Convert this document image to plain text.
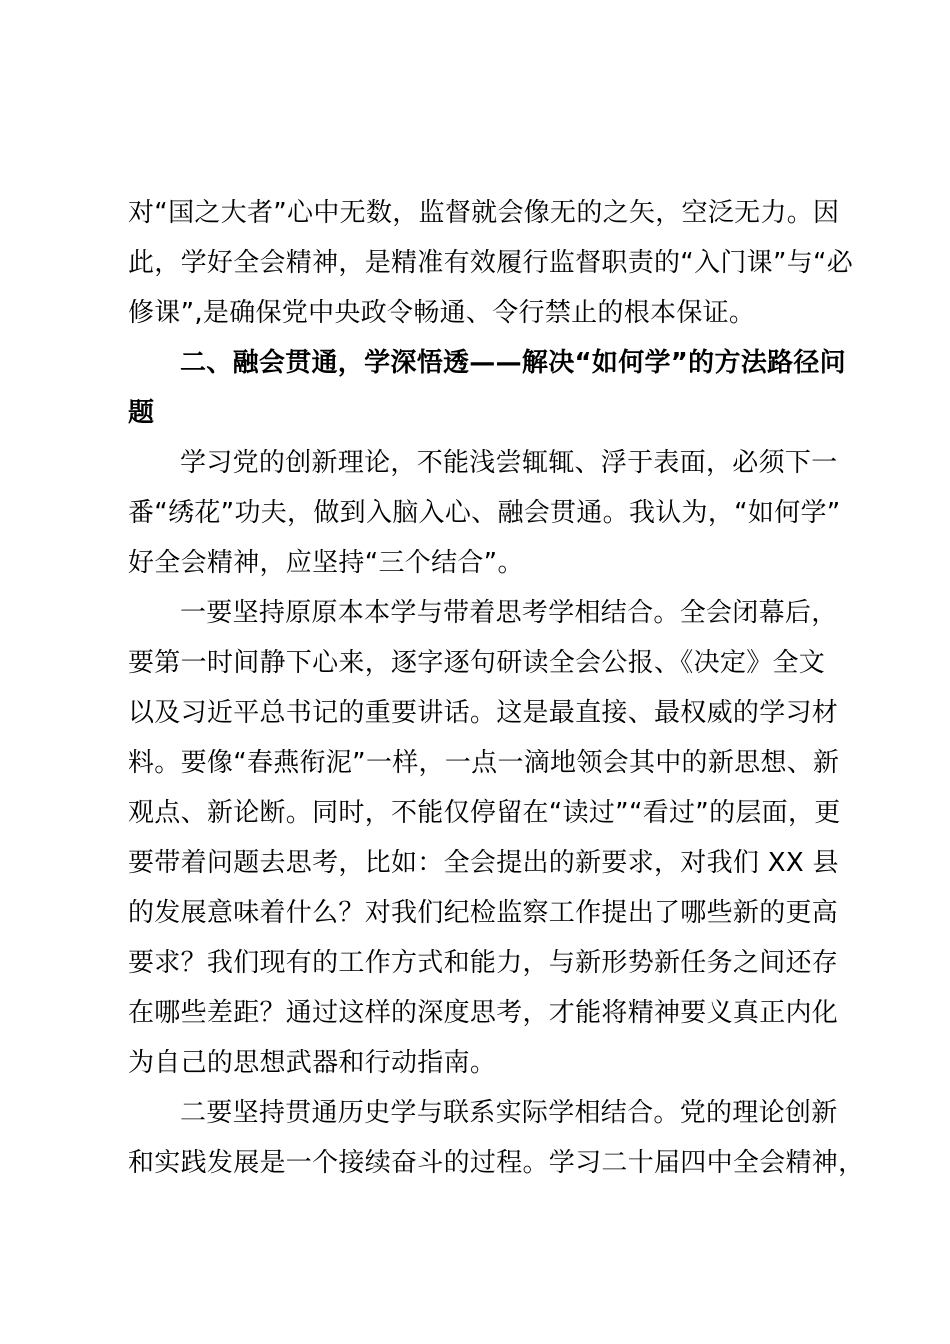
对“国之大者”心中无数，监督就会像无的之矢，空泛无力。因
此，学好全会精神，是精准有效履行监督职责的“入门课”与“必
修课”,是确保党中央政令畅通、令行禁止的根本保证。
二、融会贯通，学深悟透——解决“如何学”的方法路径问
题
学习党的创新理论，不能浅尝辄辄、浮于表面，必须下一
番“绣花”功夫，做到入脑入心、融会贯通。我认为，“如何学”
好全会精神，应坚持“三个结合”。
一要坚持原原本本学与带着思考学相结合。全会闭幕后，
要第一时间静下心来，逐字逐句研读全会公报、《决定》全文
以及习近平总书记的重要讲话。这是最直接、最权威的学习材
料。要像“春燕衔泥”一样，一点一滴地领会其中的新思想、新
观点、新论断。同时，不能仅停留在“读过”“看过”的层面，更
要带着问题去思考，比如：全会提出的新要求，对我们 XX 县
的发展意味着什么？对我们纪检监察工作提出了哪些新的更高
要求？我们现有的工作方式和能力，与新形势新任务之间还存
在哪些差距？通过这样的深度思考，才能将精神要义真正内化
为自己的思想武器和行动指南。
二要坚持贯通历史学与联系实际学相结合。党的理论创新
和实践发展是一个接续奋斗的过程。学习二十届四中全会精神，
